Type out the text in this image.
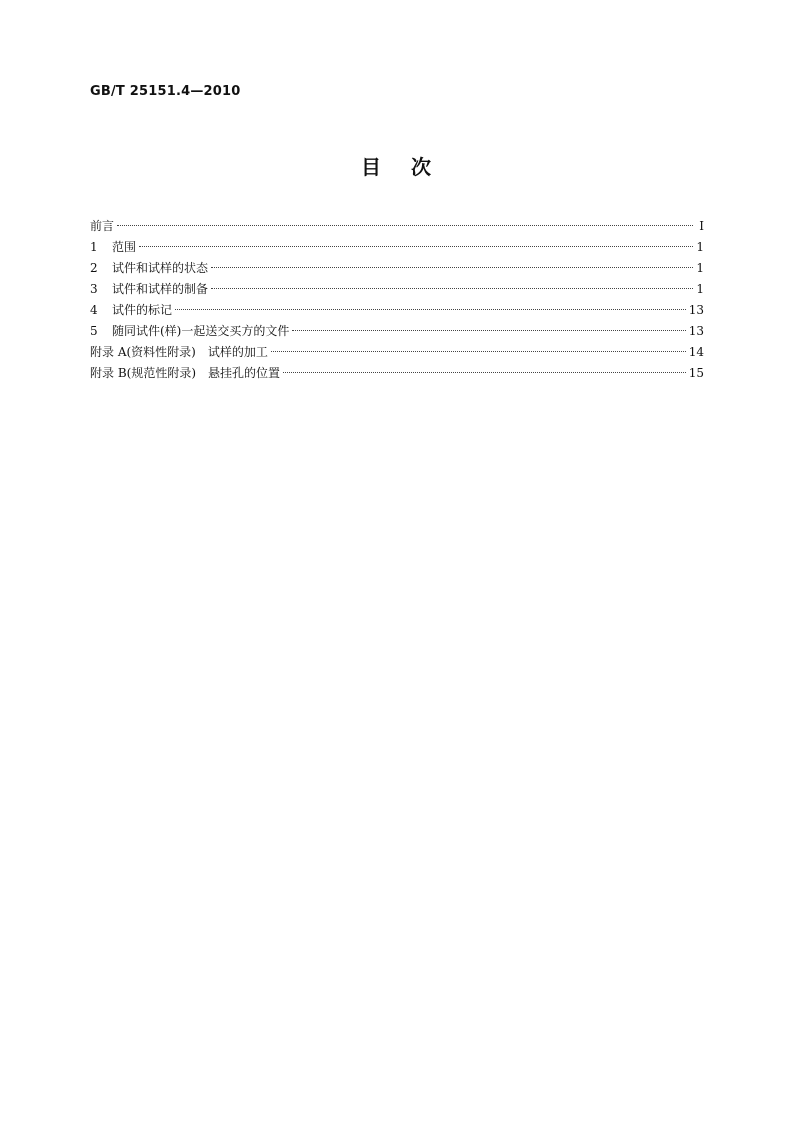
GB/T 25151.4—2010
目 次
前言	Ⅰ
1	范围	1
2	试件和试样的状态	1
3	试件和试样的制备	1
4	试件的标记	13
5	随同试件(样)一起送交买方的文件	13
附录 A(资料性附录)　试样的加工	14
附录 B(规范性附录)　悬挂孔的位置	15
